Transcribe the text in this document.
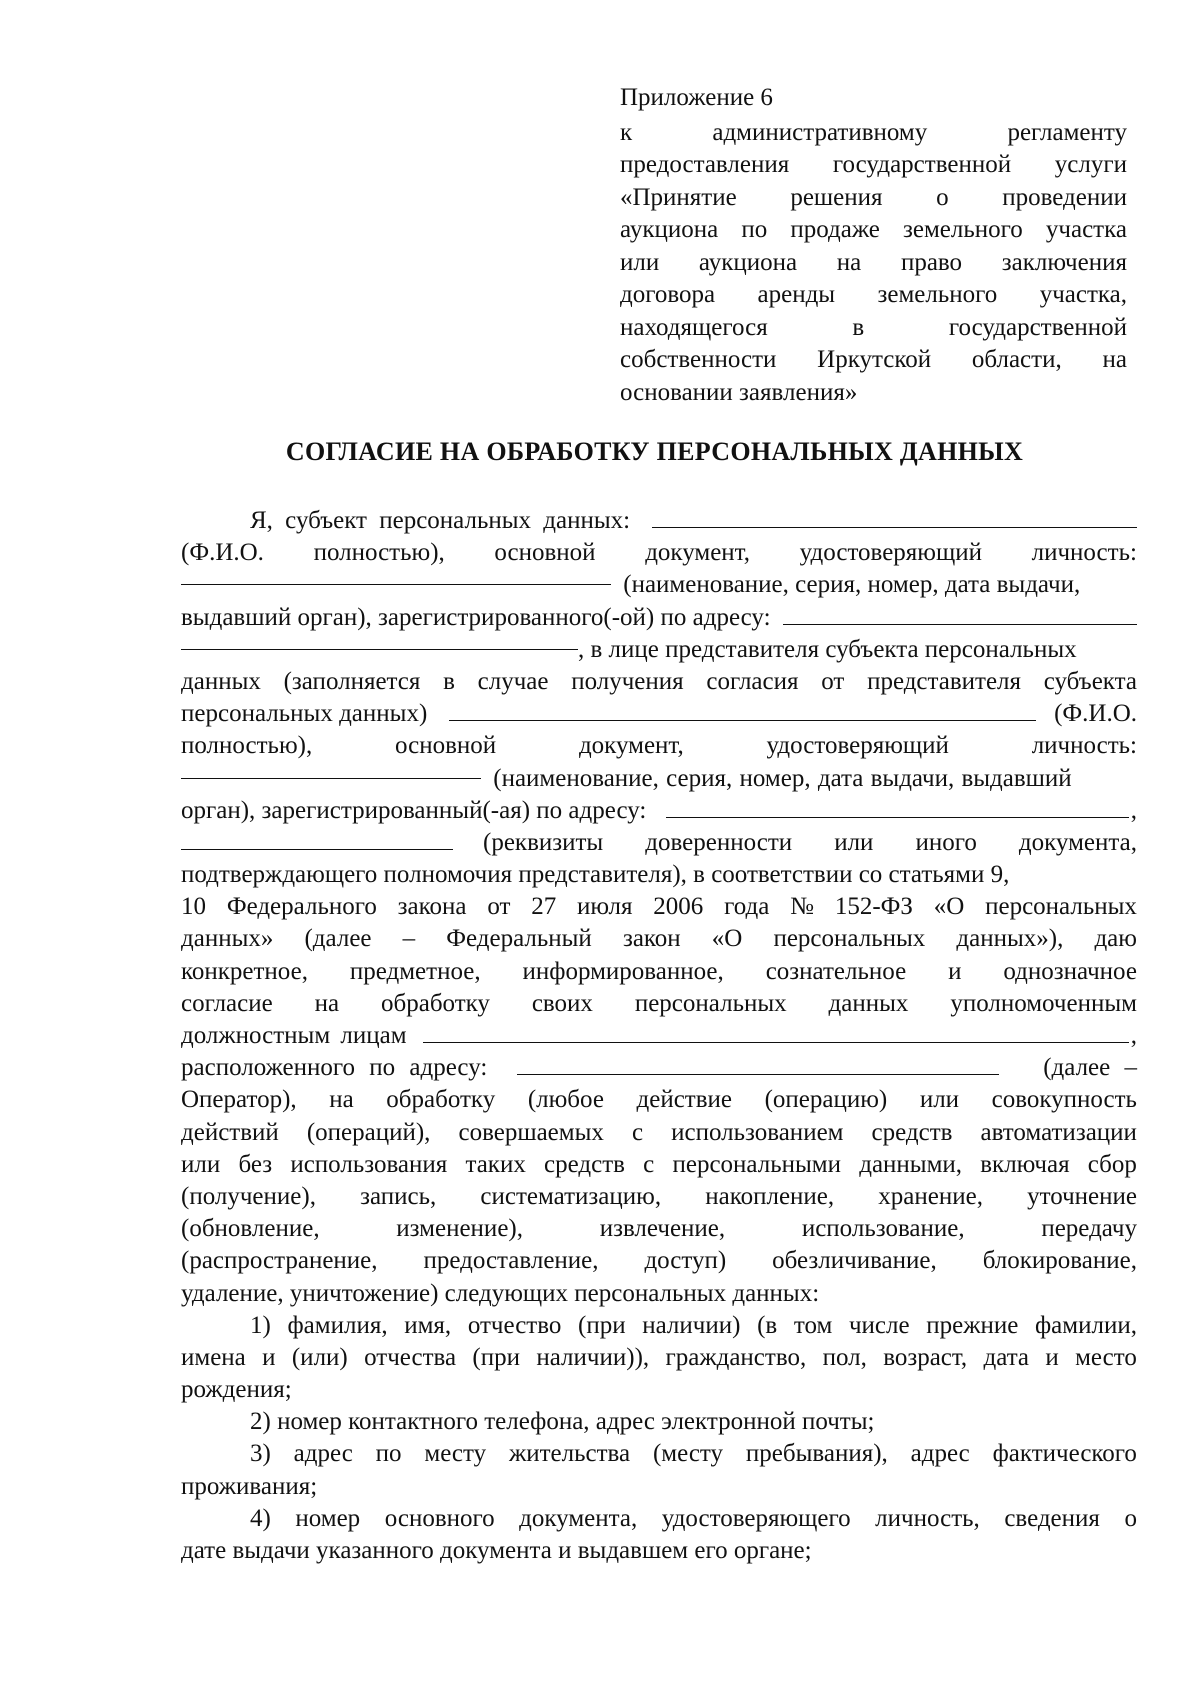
Приложение 6
к	административному	регламенту
предоставления государственной услуги
«Принятие решения о проведении
аукциона по продаже земельного участка
или аукциона на право заключения
договора аренды земельного участка,
находящегося	в	государственной
собственности Иркутской области, на
основании заявления»
СОГЛАСИЕ НА ОБРАБОТКУ ПЕРСОНАЛЬНЫХ ДАННЫХ
Я, субъект персональных данных:
(Ф.И.О. полностью), основной документ, удостоверяющий личность:
(наименование, серия, номер, дата выдачи,
выдавший орган), зарегистрированного(-ой) по адресу:
, в лице представителя субъекта персональных
данных (заполняется в случае получения согласия от представителя субъекта
персональных данных)	(Ф.И.О.
полностью),	основной	документ,	удостоверяющий	личность:
(наименование, серия, номер, дата выдачи, выдавший
орган), зарегистрированный(-ая) по адресу:	,
(реквизиты доверенности или иного документа,
подтверждающего полномочия представителя), в соответствии со статьями 9,
10 Федерального закона от 27 июля 2006 года № 152-ФЗ «О персональных
данных» (далее – Федеральный закон «О персональных данных»), даю
конкретное, предметное, информированное, сознательное и однозначное
согласие на обработку своих персональных данных уполномоченным
должностным лицам	,
расположенного по адресу:	(далее –
Оператор), на обработку (любое действие (операцию) или совокупность
действий (операций), совершаемых с использованием средств автоматизации
или без использования таких средств с персональными данными, включая сбор
(получение), запись, систематизацию, накопление, хранение, уточнение
(обновление,	изменение),	извлечение,	использование,	передачу
(распространение, предоставление, доступ) обезличивание, блокирование,
удаление, уничтожение) следующих персональных данных:
1) фамилия, имя, отчество (при наличии) (в том числе прежние фамилии,
имена и (или) отчества (при наличии)), гражданство, пол, возраст, дата и место
рождения;
2) номер контактного телефона, адрес электронной почты;
3) адрес по месту жительства (месту пребывания), адрес фактического
проживания;
4) номер основного документа, удостоверяющего личность, сведения о
дате выдачи указанного документа и выдавшем его органе;
